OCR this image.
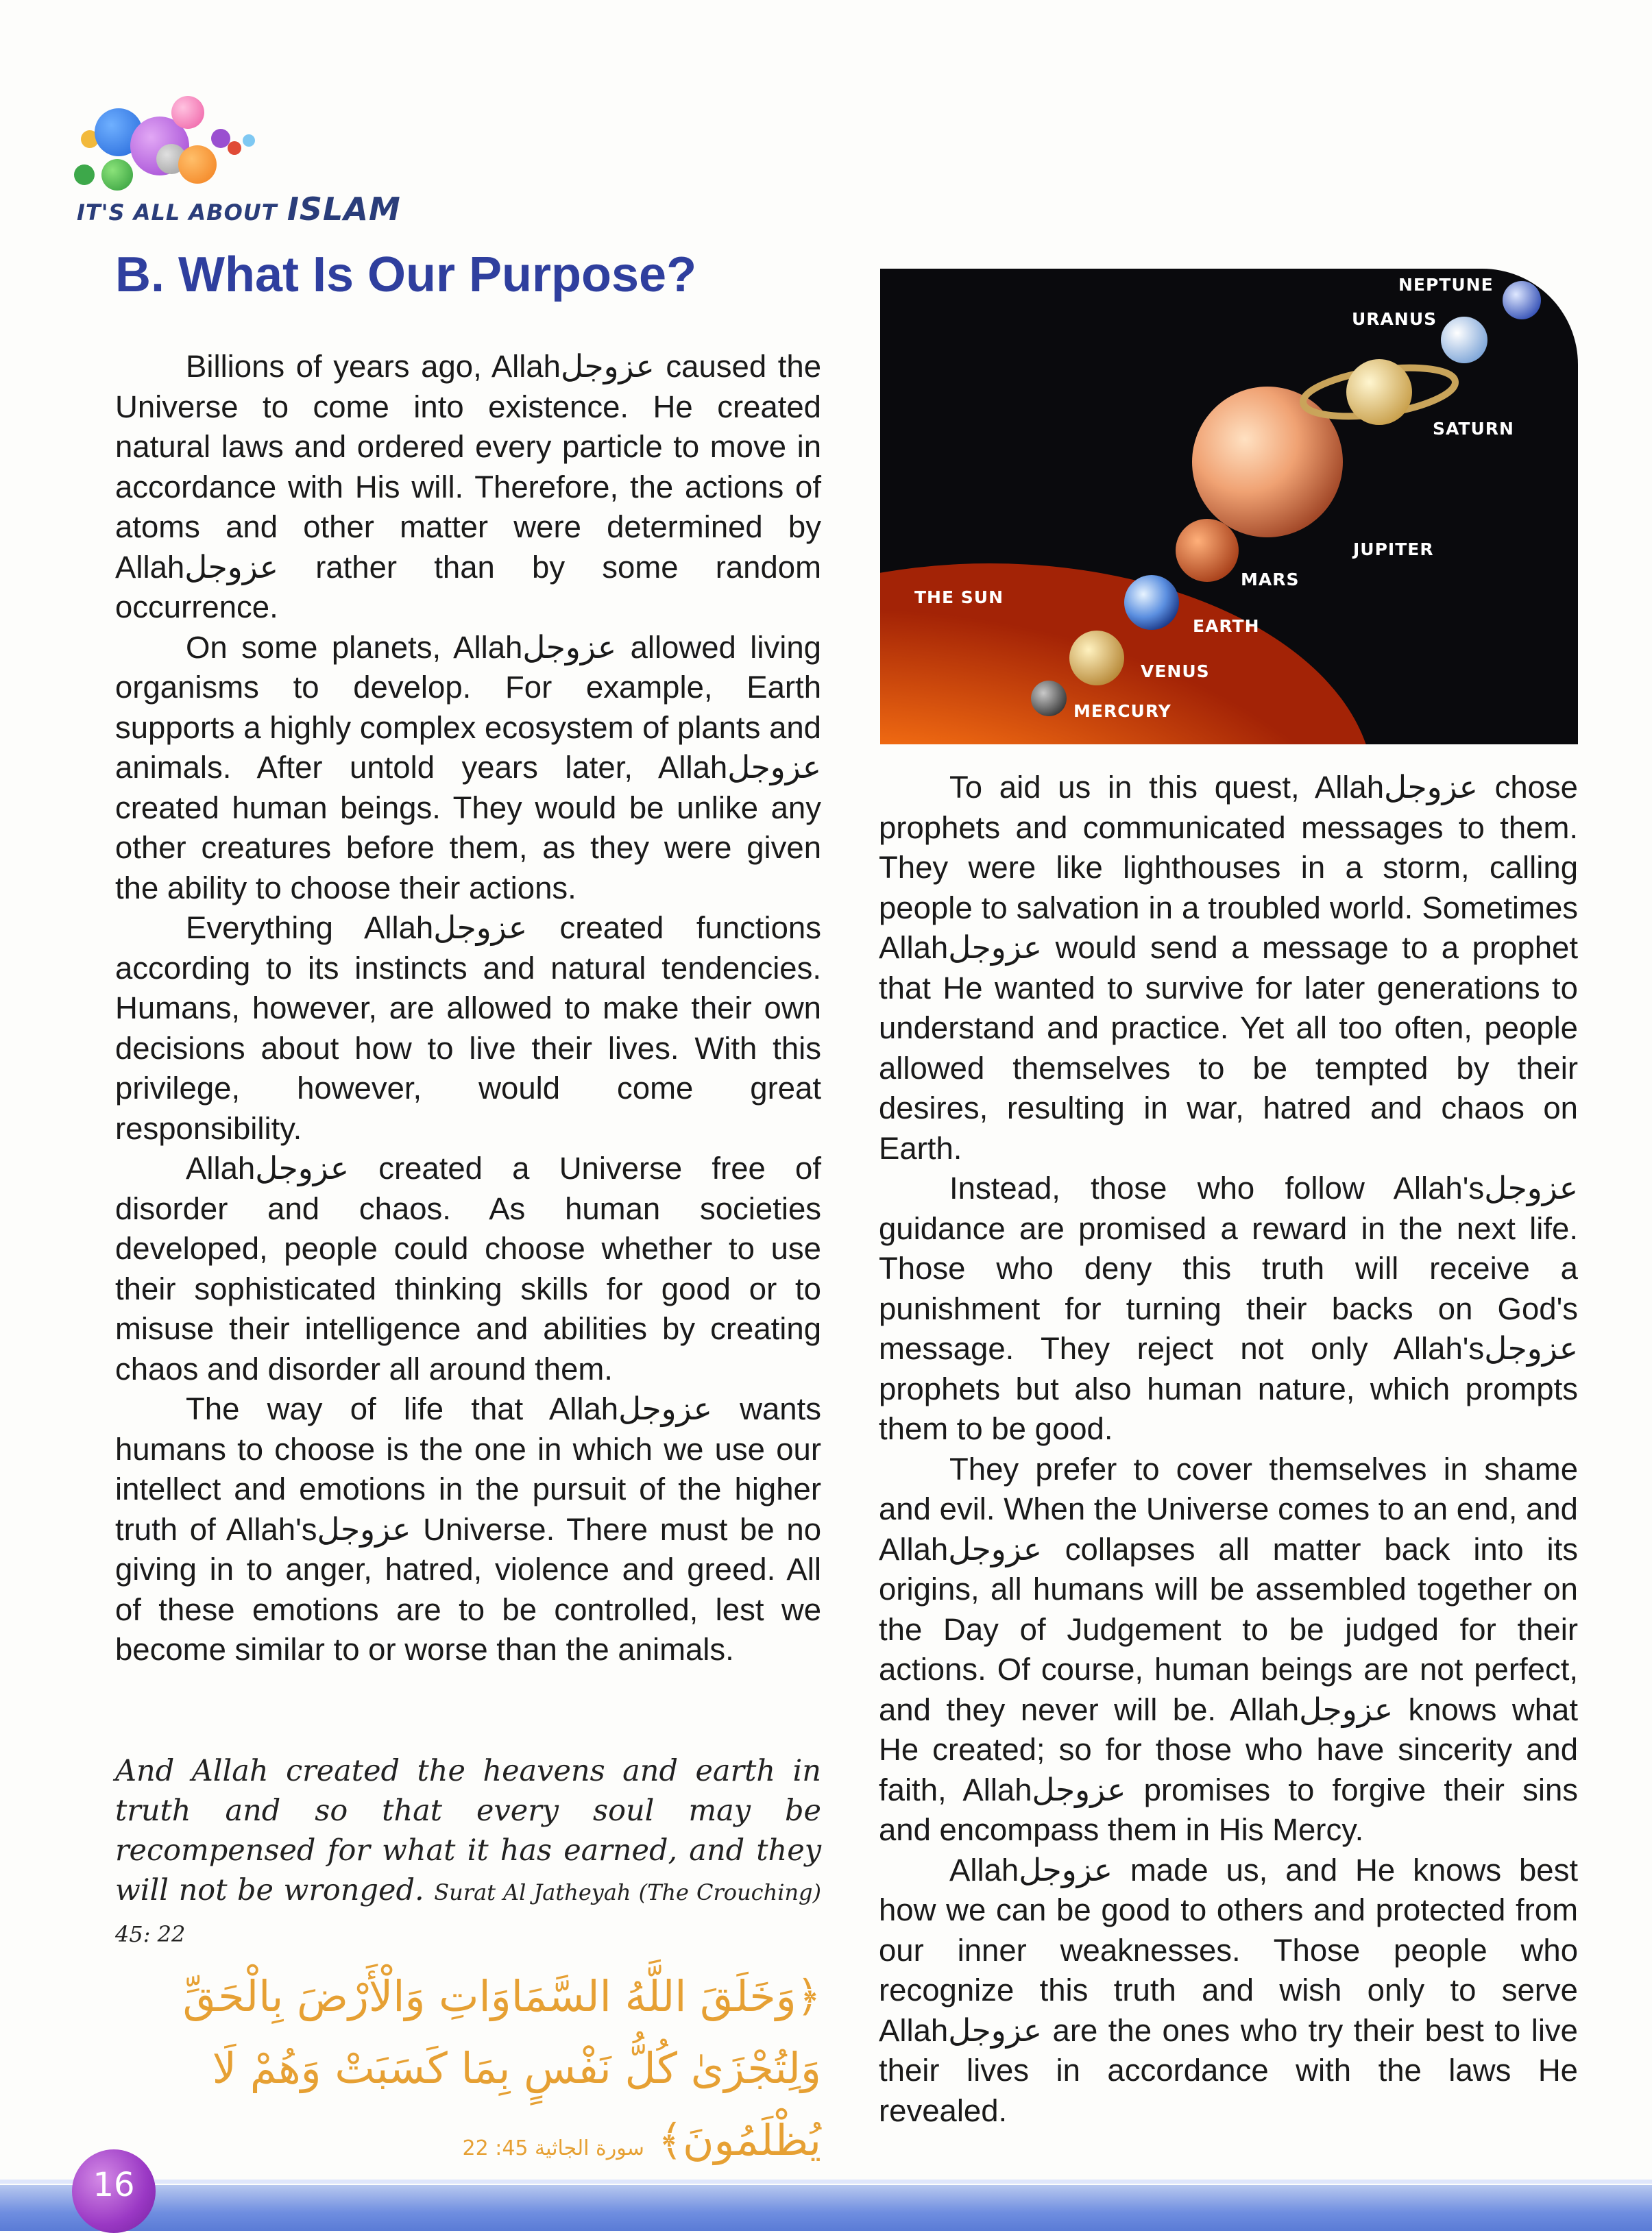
IT'S ALL ABOUT ISLAM
B. What Is Our Purpose?

Billions of years ago, Allahعزوجل caused the Universe to come into existence. He created natural laws and ordered every particle to move in accordance with His will. Therefore, the actions of atoms and other matter were determined by Allahعزوجل rather than by some random occurrence.

On some planets, Allahعزوجل allowed living organisms to develop. For example, Earth supports a highly complex ecosystem of plants and animals. After untold years later, Allahعزوجل created human beings. They would be unlike any other creatures before them, as they were given the ability to choose their actions.

Everything Allahعزوجل created functions according to its instincts and natural tendencies. Humans, however, are allowed to make their own decisions about how to live their lives. With this privilege, however, would come great responsibility.

Allahعزوجل created a Universe free of disorder and chaos. As human societies developed, people could choose whether to use their sophisticated thinking skills for good or to misuse their intelligence and abilities by creating chaos and disorder all around them.

The way of life that Allahعزوجل wants humans to choose is the one in which we use our intellect and emotions in the pursuit of the higher truth of Allah'sعزوجل Universe. There must be no giving in to anger, hatred, violence and greed. All of these emotions are to be controlled, lest we become similar to or worse than the animals.

And Allah created the heavens and earth in truth and so that every soul may be recompensed for what it has earned, and they will not be wronged. Surat Al Jatheyah (The Crouching) 45: 22
﴿وَخَلَقَ اللَّهُ السَّمَاوَاتِ وَالْأَرْضَ بِالْحَقِّ وَلِتُجْزَىٰ كُلُّ نَفْسٍ بِمَا كَسَبَتْ وَهُمْ لَا يُظْلَمُونَ﴾ سورة الجاثية 45: 22
THE SUN
MERCURY
VENUS
EARTH
MARS
JUPITER
SATURN
URANUS
NEPTUNE

To aid us in this quest, Allahعزوجل chose prophets and communicated messages to them. They were like lighthouses in a storm, calling people to salvation in a troubled world. Sometimes Allahعزوجل would send a message to a prophet that He wanted to survive for later generations to understand and practice. Yet all too often, people allowed themselves to be tempted by their desires, resulting in war, hatred and chaos on Earth.

Instead, those who follow Allah'sعزوجل guidance are promised a reward in the next life. Those who deny this truth will receive a punishment for turning their backs on God's message. They reject not only Allah'sعزوجل prophets but also human nature, which prompts them to be good.

They prefer to cover themselves in shame and evil. When the Universe comes to an end, and Allahعزوجل collapses all matter back into its origins, all humans will be assembled together on the Day of Judgement to be judged for their actions. Of course, human beings are not perfect, and they never will be. Allahعزوجل knows what He created; so for those who have sincerity and faith, Allahعزوجل promises to forgive their sins and encompass them in His Mercy.

Allahعزوجل made us, and He knows best how we can be good to others and protected from our inner weaknesses. Those people who recognize this truth and wish only to serve Allahعزوجل are the ones who try their best to live their lives in accordance with the laws He revealed.

16
